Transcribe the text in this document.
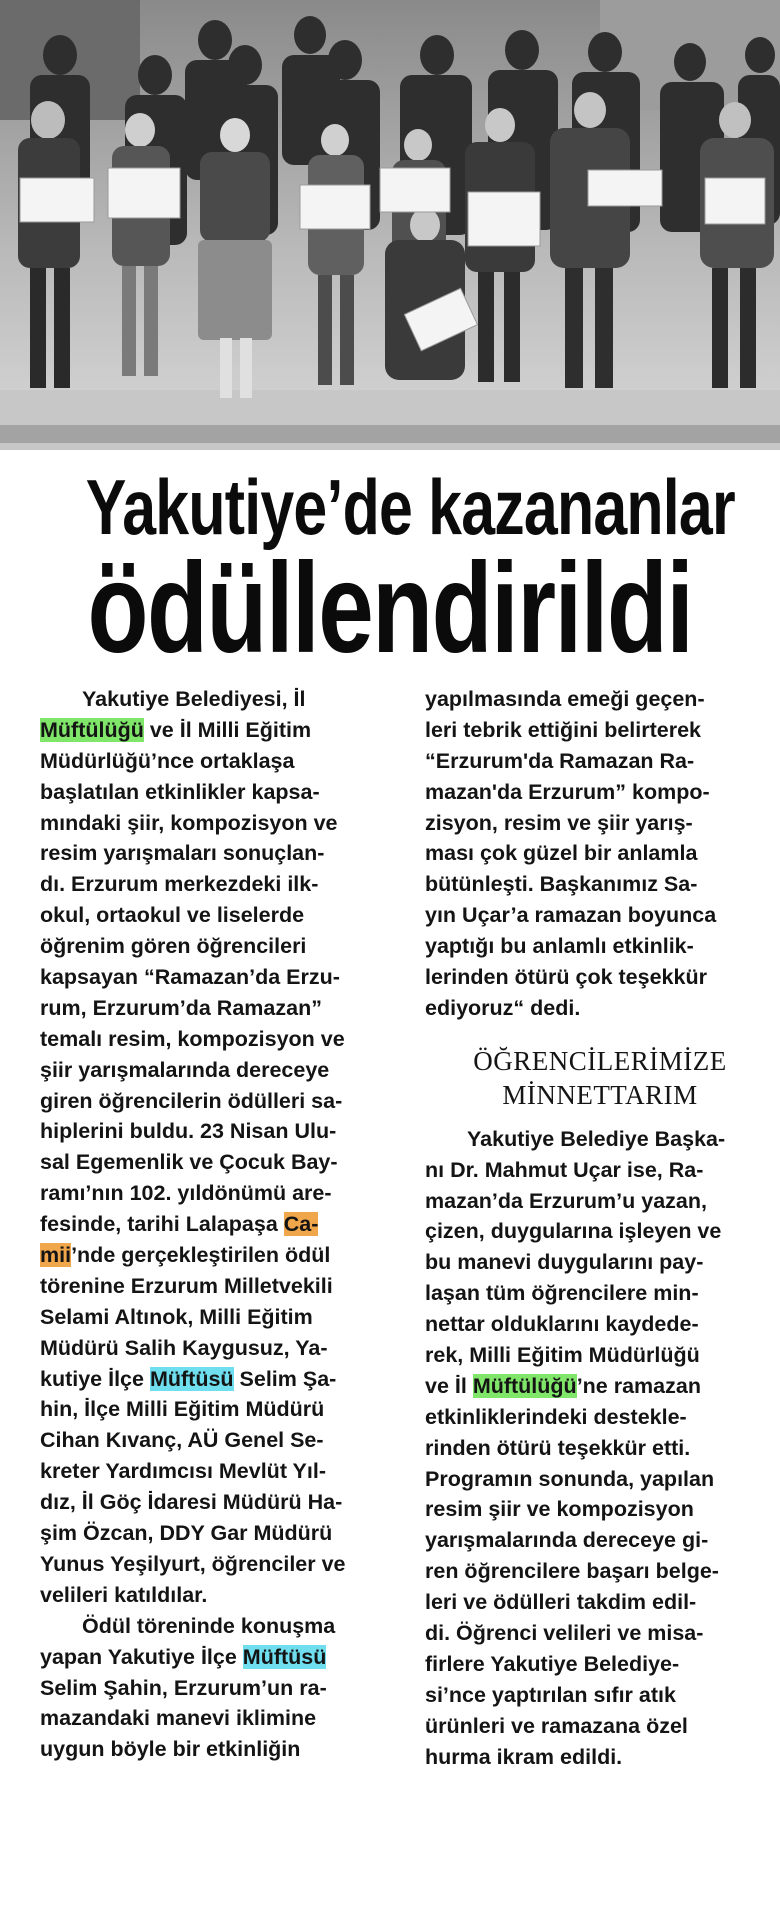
Yakutiye’de kazananlar
ödüllendirildi
Yakutiye Belediyesi, İl
Müftülüğü ve İl Milli Eğitim
Müdürlüğü’nce ortaklaşa
başlatılan etkinlikler kapsa-
mındaki şiir, kompozisyon ve
resim yarışmaları sonuçlan-
dı. Erzurum merkezdeki ilk-
okul, ortaokul ve liselerde
öğrenim gören öğrencileri
kapsayan “Ramazan’da Erzu-
rum, Erzurum’da Ramazan”
temalı resim, kompozisyon ve
şiir yarışmalarında dereceye
giren öğrencilerin ödülleri sa-
hiplerini buldu. 23 Nisan Ulu-
sal Egemenlik ve Çocuk Bay-
ramı’nın 102. yıldönümü are-
fesinde, tarihi Lalapaşa Ca-
mii’nde gerçekleştirilen ödül
törenine Erzurum Milletvekili
Selami Altınok, Milli Eğitim
Müdürü Salih Kaygusuz, Ya-
kutiye İlçe Müftüsü Selim Şa-
hin, İlçe Milli Eğitim Müdürü
Cihan Kıvanç, AÜ Genel Se-
kreter Yardımcısı Mevlüt Yıl-
dız, İl Göç İdaresi Müdürü Ha-
şim Özcan, DDY Gar Müdürü
Yunus Yeşilyurt, öğrenciler ve
velileri katıldılar.
Ödül töreninde konuşma
yapan Yakutiye İlçe Müftüsü
Selim Şahin, Erzurum’un ra-
mazandaki manevi iklimine
uygun böyle bir etkinliğin
yapılmasında emeği geçen-
leri tebrik ettiğini belirterek
“Erzurum'da Ramazan Ra-
mazan'da Erzurum” kompo-
zisyon, resim ve şiir yarış-
ması çok güzel bir anlamla
bütünleşti. Başkanımız Sa-
yın Uçar’a ramazan boyunca
yaptığı bu anlamlı etkinlik-
lerinden ötürü çok teşekkür
ediyoruz“ dedi.
ÖĞRENCİLERİMİZE
MİNNETTARIM
Yakutiye Belediye Başka-
nı Dr. Mahmut Uçar ise, Ra-
mazan’da Erzurum’u yazan,
çizen, duygularına işleyen ve
bu manevi duygularını pay-
laşan tüm öğrencilere min-
nettar olduklarını kaydede-
rek, Milli Eğitim Müdürlüğü
ve İl Müftülüğü’ne ramazan
etkinliklerindeki destekle-
rinden ötürü teşekkür etti.
Programın sonunda, yapılan
resim şiir ve kompozisyon
yarışmalarında dereceye gi-
ren öğrencilere başarı belge-
leri ve ödülleri takdim edil-
di. Öğrenci velileri ve misa-
firlere Yakutiye Belediye-
si’nce yaptırılan sıfır atık
ürünleri ve ramazana özel
hurma ikram edildi.
